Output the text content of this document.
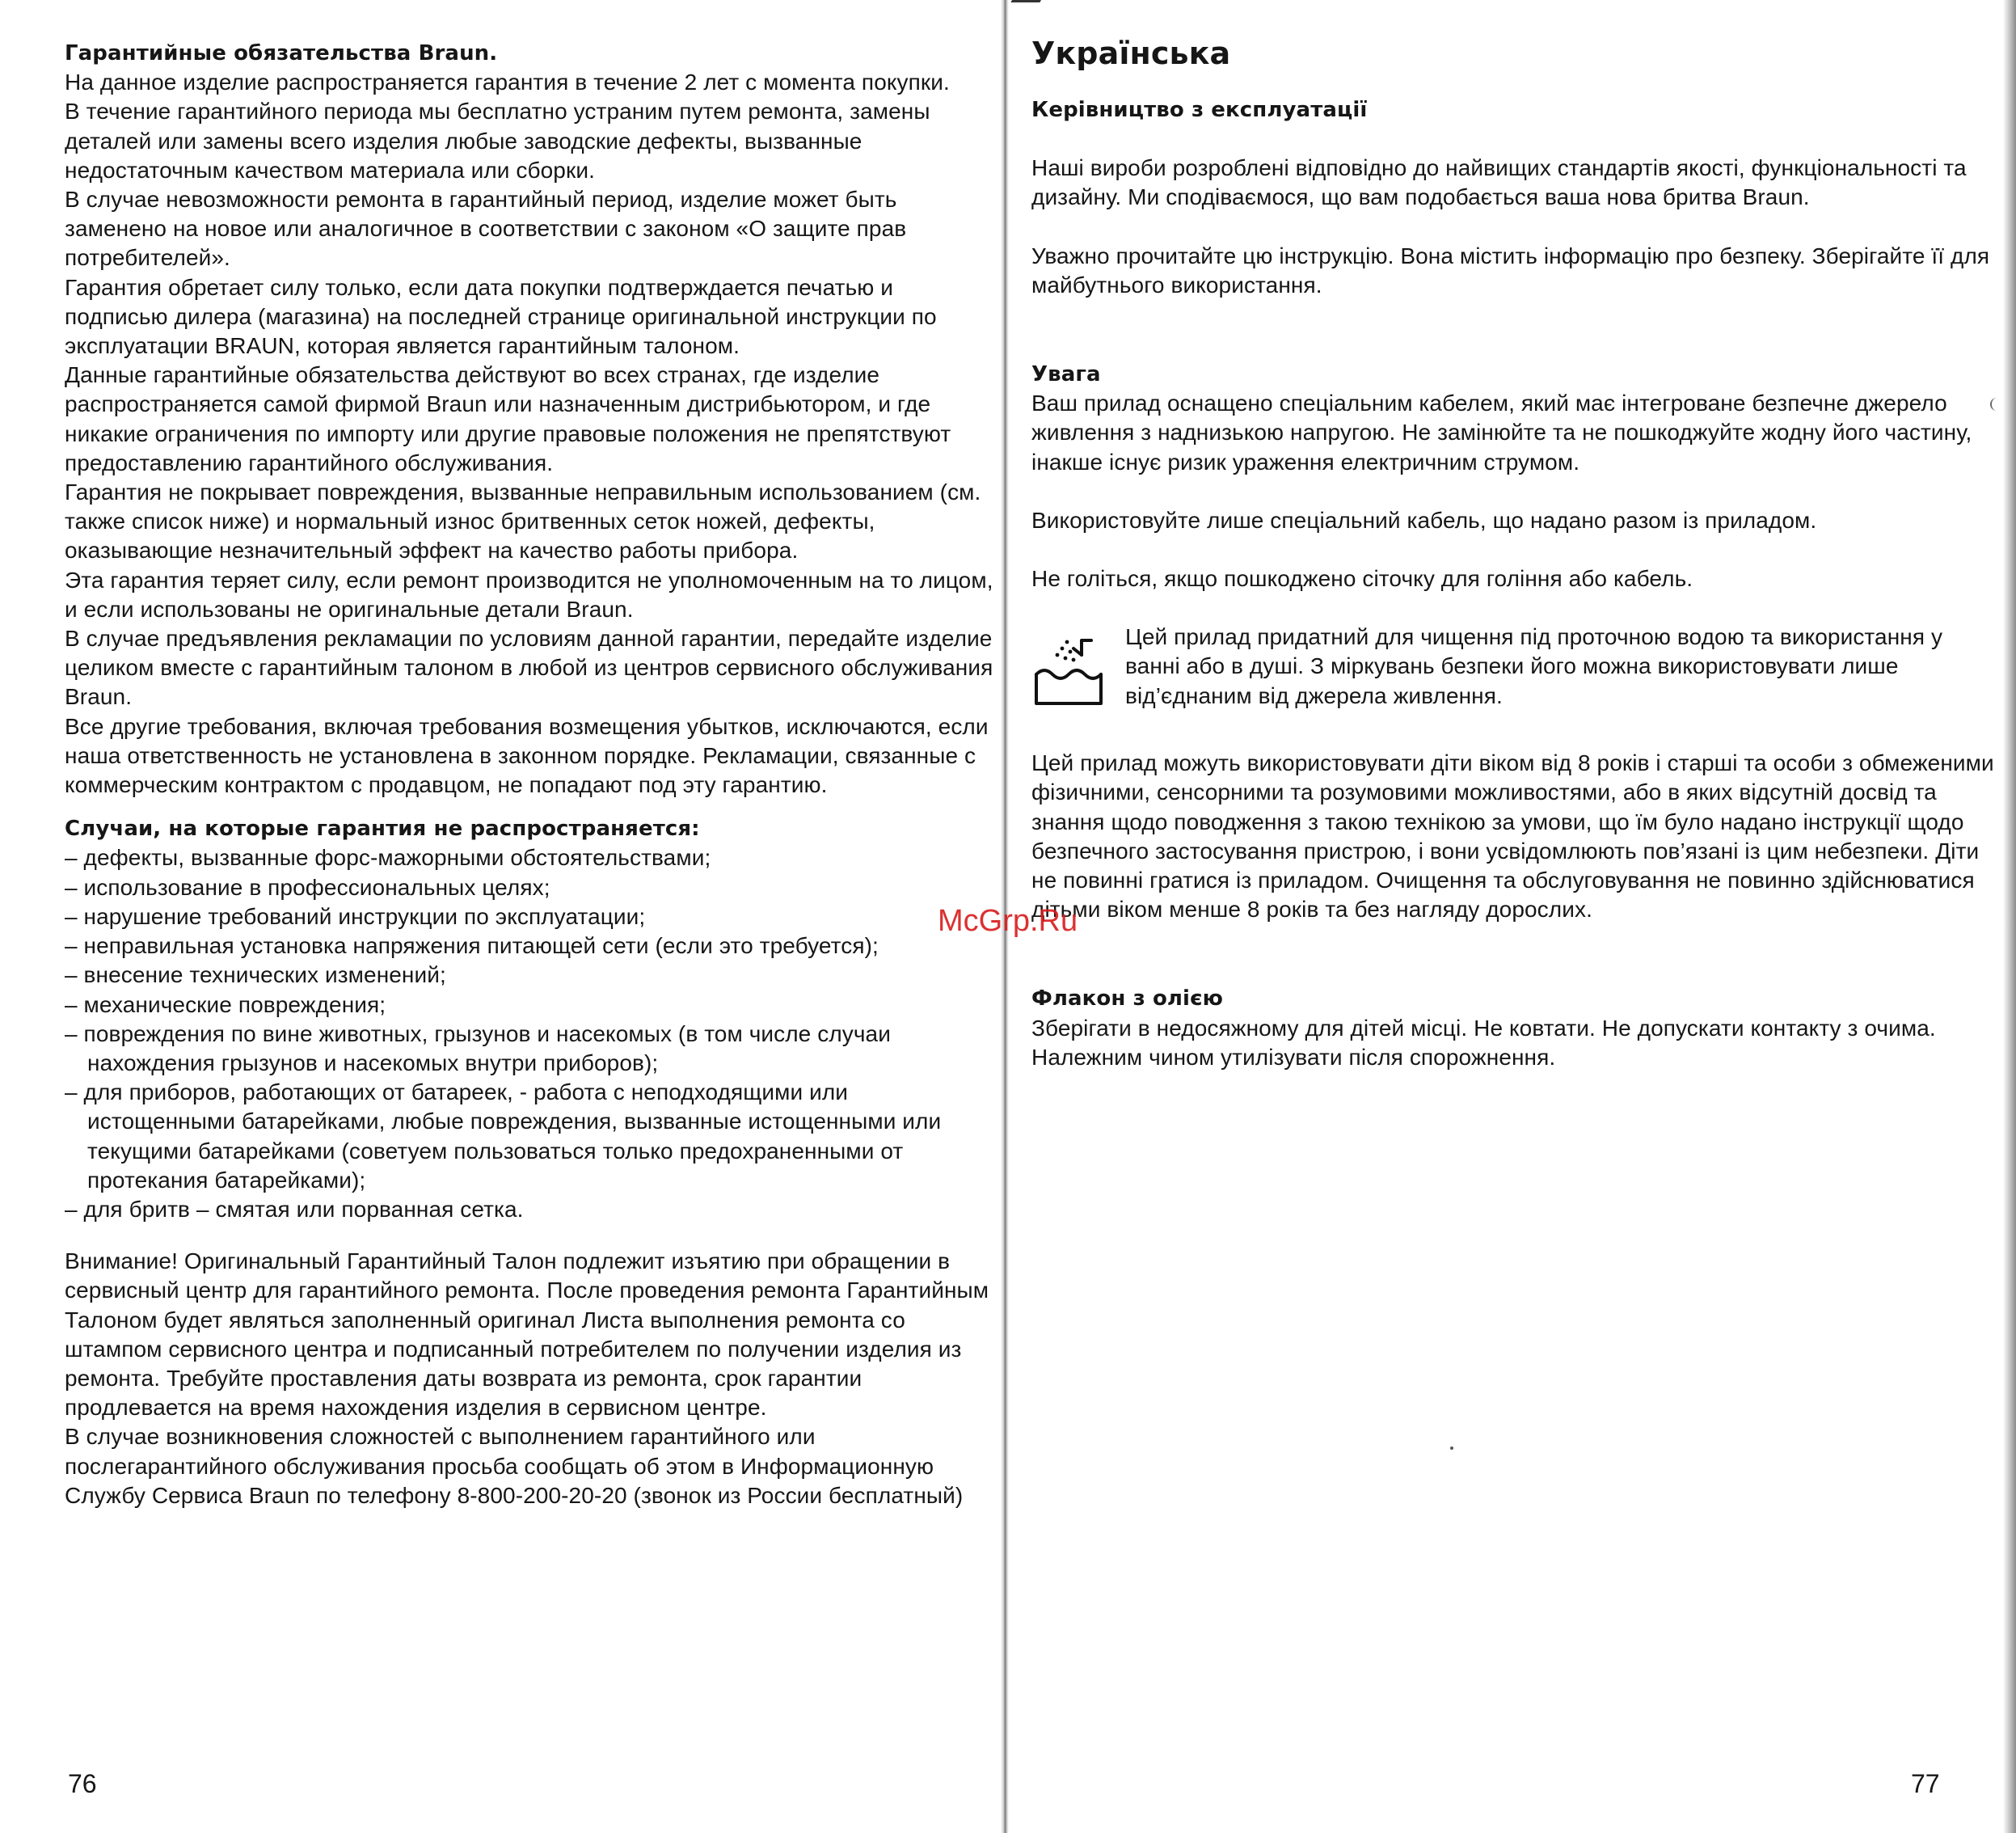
Гарантийные обязательства Braun.

На данное изделие распространяется гарантия в течение 2 лет с момента покупки.

В течение гарантийного периода мы бесплатно устраним путем ремонта, замены деталей или замены всего изделия любые заводские дефекты, вызванные недостаточным качеством материала или сборки.

В случае невозможности ремонта в гарантийный период, изделие может быть заменено на новое или аналогичное в соответствии с законом «О защите прав потребителей».

Гарантия обретает силу только, если дата покупки подтверждается печатью и подписью дилера (магазина) на последней странице оригинальной инструкции по эксплуатации BRAUN, которая является гарантийным талоном.

Данные гарантийные обязательства действуют во всех странах, где изделие распространяется самой фирмой Braun или назначенным дистрибьютором, и где никакие ограничения по импорту или другие правовые положения не препятствуют предоставлению гарантийного обслуживания.

Гарантия не покрывает повреждения, вызванные неправильным использованием (см. также список ниже) и нормальный износ бритвенных сеток ножей, дефекты, оказывающие незначительный эффект на качество работы прибора.

Эта гарантия теряет силу, если ремонт производится не уполномоченным на то лицом, и если использованы не оригинальные детали Braun.

В случае предъявления рекламации по условиям данной гарантии, передайте изделие целиком вместе с гарантийным талоном в любой из центров сервисного обслуживания Braun.

Все другие требования, включая требования возмещения убытков, исключаются, если наша ответственность не установлена в законном порядке. Рекламации, связанные с коммерческим контрактом с продавцом, не попадают под эту гарантию.

Случаи, на которые гарантия не распространяется:

– дефекты, вызванные форс-мажорными обстоятельствами;

– использование в профессиональных целях;

– нарушение требований инструкции по эксплуатации;

– неправильная установка напряжения питающей сети (если это требуется);

– внесение технических изменений;

– механические повреждения;

– повреждения по вине животных, грызунов и насекомых (в том числе случаи нахождения грызунов и насекомых внутри приборов);

– для приборов, работающих от батареек, - работа с неподходящими или истощенными батарейками, любые повреждения, вызванные истощенными или текущими батарейками (советуем пользоваться только предохраненными от протекания батарейками);

– для бритв – смятая или порванная сетка.

Внимание! Оригинальный Гарантийный Талон подлежит изъятию при обращении в сервисный центр для гарантийного ремонта. После проведения ремонта Гарантийным Талоном будет являться заполненный оригинал Листа выполнения ремонта со штампом сервисного центра и подписанный потребителем по получении изделия из ремонта. Требуйте проставления даты возврата из ремонта, срок гарантии продлевается на время нахождения изделия в сервисном центре.

В случае возникновения сложностей с выполнением гарантийного или послегарантийного обслуживания просьба сообщать об этом в Информационную Службу Сервиса Braun по телефону 8-800-200-20-20 (звонок из России бесплатный)

76

Українська

Керівництво з експлуатації

Наші вироби розроблені відповідно до найвищих стандартів якості, функціональності та дизайну. Ми сподіваємося, що вам подобається ваша нова бритва Braun.

Уважно прочитайте цю інструкцію. Вона містить інформацію про безпеку. Зберігайте її для майбутнього використання.

Увага

Ваш прилад оснащено спеціальним кабелем, який має інтегроване безпечне джерело живлення з наднизькою напругою. Не замінюйте та не пошкоджуйте жодну його частину, інакше існує ризик ураження електричним струмом.

Використовуйте лише спеціальний кабель, що надано разом із приладом.

Не голіться, якщо пошкоджено сіточку для гоління або кабель.

Цей прилад придатний для чищення під проточною водою та використання у ванні або в душі. З міркувань безпеки його можна використовувати лише від’єднаним від джерела живлення.

Цей прилад можуть використовувати діти віком від 8 років і старші та особи з обмеженими фізичними, сенсорними та розумовими можливостями, або в яких відсутній досвід та знання щодо поводження з такою технікою за умови, що їм було надано інструкції щодо безпечного застосування пристрою, і вони усвідомлюють пов’язані із цим небезпеки. Діти не повинні гратися із приладом. Очищення та обслуговування не повинно здійснюватися дітьми віком менше 8 років та без нагляду дорослих.

Флакон з олією

Зберігати в недосяжному для дітей місці. Не ковтати. Не допускати контакту з очима. Належним чином утилізувати після спорожнення.

77
McGrp.Ru
